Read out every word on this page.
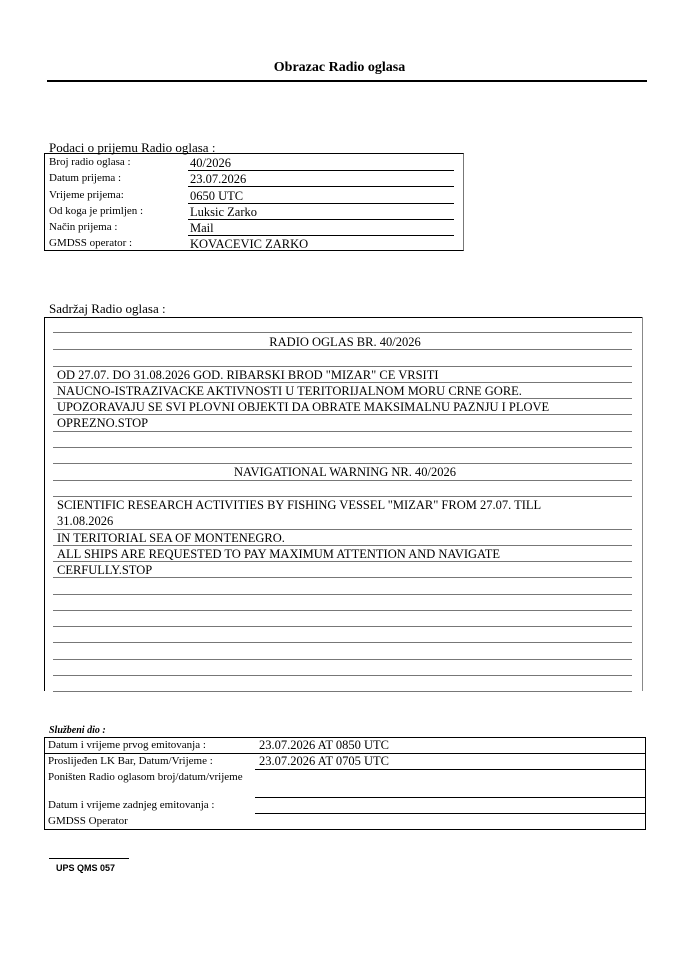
Obrazac Radio oglasa
Podaci o prijemu Radio oglasa :
Broj radio oglasa :	40/2026
Datum prijema :	23.07.2026
Vrijeme prijema:	0650 UTC
Od koga je primljen :	Luksic Zarko
Način prijema :	Mail
GMDSS operator :	KOVACEVIC ZARKO
Sadržaj Radio oglasa :
RADIO OGLAS BR. 40/2026
OD 27.07. DO 31.08.2026 GOD. RIBARSKI BROD "MIZAR" CE VRSITI
NAUCNO-ISTRAZIVACKE AKTIVNOSTI U TERITORIJALNOM MORU CRNE GORE.
UPOZORAVAJU SE SVI PLOVNI OBJEKTI DA OBRATE MAKSIMALNU PAZNJU I PLOVE
OPREZNO.STOP
NAVIGATIONAL WARNING NR. 40/2026
SCIENTIFIC RESEARCH ACTIVITIES BY FISHING VESSEL "MIZAR" FROM 27.07. TILL
31.08.2026
IN TERITORIAL SEA OF MONTENEGRO.
ALL SHIPS ARE REQUESTED TO PAY MAXIMUM ATTENTION AND NAVIGATE
CERFULLY.STOP
Službeni dio :
Datum i vrijeme prvog emitovanja :	23.07.2026 AT 0850 UTC
Proslijeđen LK Bar, Datum/Vrijeme :	23.07.2026 AT 0705 UTC
Poništen Radio oglasom broj/datum/vrijeme
Datum i vrijeme zadnjeg emitovanja :
GMDSS Operator
UPS QMS 057
